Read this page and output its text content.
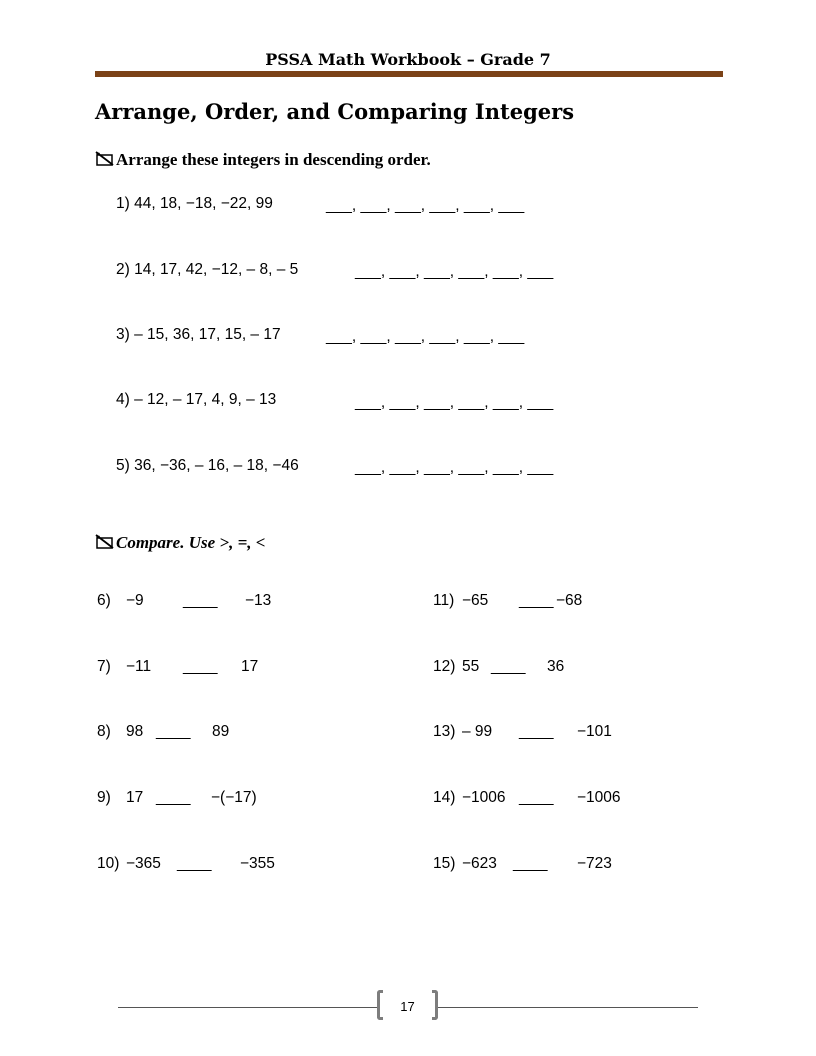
PSSA Math Workbook – Grade 7
Arrange, Order, and Comparing Integers
Arrange these integers in descending order.
1) 44, 18, −18, −22, 99	___, ___, ___, ___, ___, ___
2) 14, 17, 42, −12, – 8, – 5	___, ___, ___, ___, ___, ___
3) – 15, 36, 17, 15, – 17	___, ___, ___, ___, ___, ___
4) – 12, – 17, 4, 9, – 13	___, ___, ___, ___, ___, ___
5) 36, −36, – 16, – 18, −46	___, ___, ___, ___, ___, ___
Compare. Use >, =, <
6) −9	____ −13
7) −11 ____ 17
8) 98 ____ 89
9) 17 ____ −(−17)
10) −365 ____ −355
11) −65 ____ −68
12) 55 ____ 36
13) – 99 ____ −101
14) −1006 ____ −1006
15) −623 ____ −723
17
